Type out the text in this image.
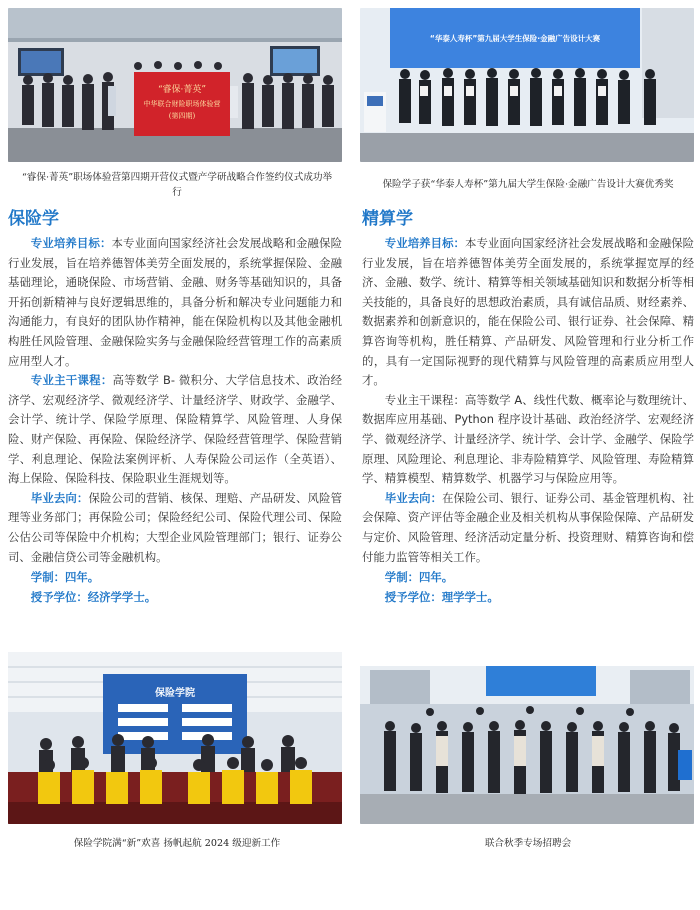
“睿保·菁英”
中华联合财险职场体验营
(第四期)
“睿保·菁英”职场体验营第四期开营仪式暨产学研战略合作签约仪式成功举行
“华泰人寿杯”第九届大学生保险·金融广告设计大赛
保险学子获“华泰人寿杯”第九届大学生保险·金融广告设计大赛优秀奖
保险学

专业培养目标：本专业面向国家经济社会发展战略和金融保险行业发展，旨在培养德智体美劳全面发展的，系统掌握保险、金融基础理论，通晓保险、市场营销、金融、财务等基础知识的，具备开拓创新精神与良好逻辑思维的，具备分析和解决专业问题能力和沟通能力，有良好的团队协作精神，能在保险机构以及其他金融机构胜任风险管理、金融保险实务与金融保险经营管理工作的高素质应用型人才。

专业主干课程：高等数学 B- 微积分、大学信息技术、政治经济学、宏观经济学、微观经济学、计量经济学、财政学、金融学、会计学、统计学、保险学原理、保险精算学、风险管理、人身保险、财产保险、再保险、保险经济学、保险经营管理学、保险营销学、利息理论、保险法案例评析、人寿保险公司运作（全英语）、海上保险、保险科技、保险职业生涯规划等。

毕业去向：保险公司的营销、核保、理赔、产品研发、风险管理等业务部门；再保险公司；保险经纪公司、保险代理公司、保险公估公司等保险中介机构；大型企业风险管理部门；银行、证券公司、金融信贷公司等金融机构。

学制：四年。

授予学位：经济学学士。

精算学

专业培养目标：本专业面向国家经济社会发展战略和金融保险行业发展，旨在培养德智体美劳全面发展的，系统掌握宽厚的经济、金融、数学、统计、精算等相关领域基础知识和数据分析等相关技能的，具备良好的思想政治素质，具有诚信品质、财经素养、数据素养和创新意识的，能在保险公司、银行证券、社会保障、精算咨询等机构，胜任精算、产品研发、风险管理和行业分析工作的，具有一定国际视野的现代精算与风险管理的高素质应用型人才。

专业主干课程：高等数学 A、线性代数、概率论与数理统计、数据库应用基础、Python 程序设计基础、政治经济学、宏观经济学、微观经济学、计量经济学、统计学、会计学、金融学、保险学原理、风险理论、利息理论、非寿险精算学、风险管理、寿险精算学、精算模型、精算数学、机器学习与保险应用等。

毕业去向：在保险公司、银行、证券公司、基金管理机构、社会保障、资产评估等金融企业及相关机构从事保险保障、产品研发与定价、风险管理、经济活动定量分析、投资理财、精算咨询和偿付能力监管等相关工作。

学制：四年。

授予学位：理学学士。

保险学院
保险学院满“新”欢喜 扬帆起航 2024 级迎新工作	联合秋季专场招聘会
